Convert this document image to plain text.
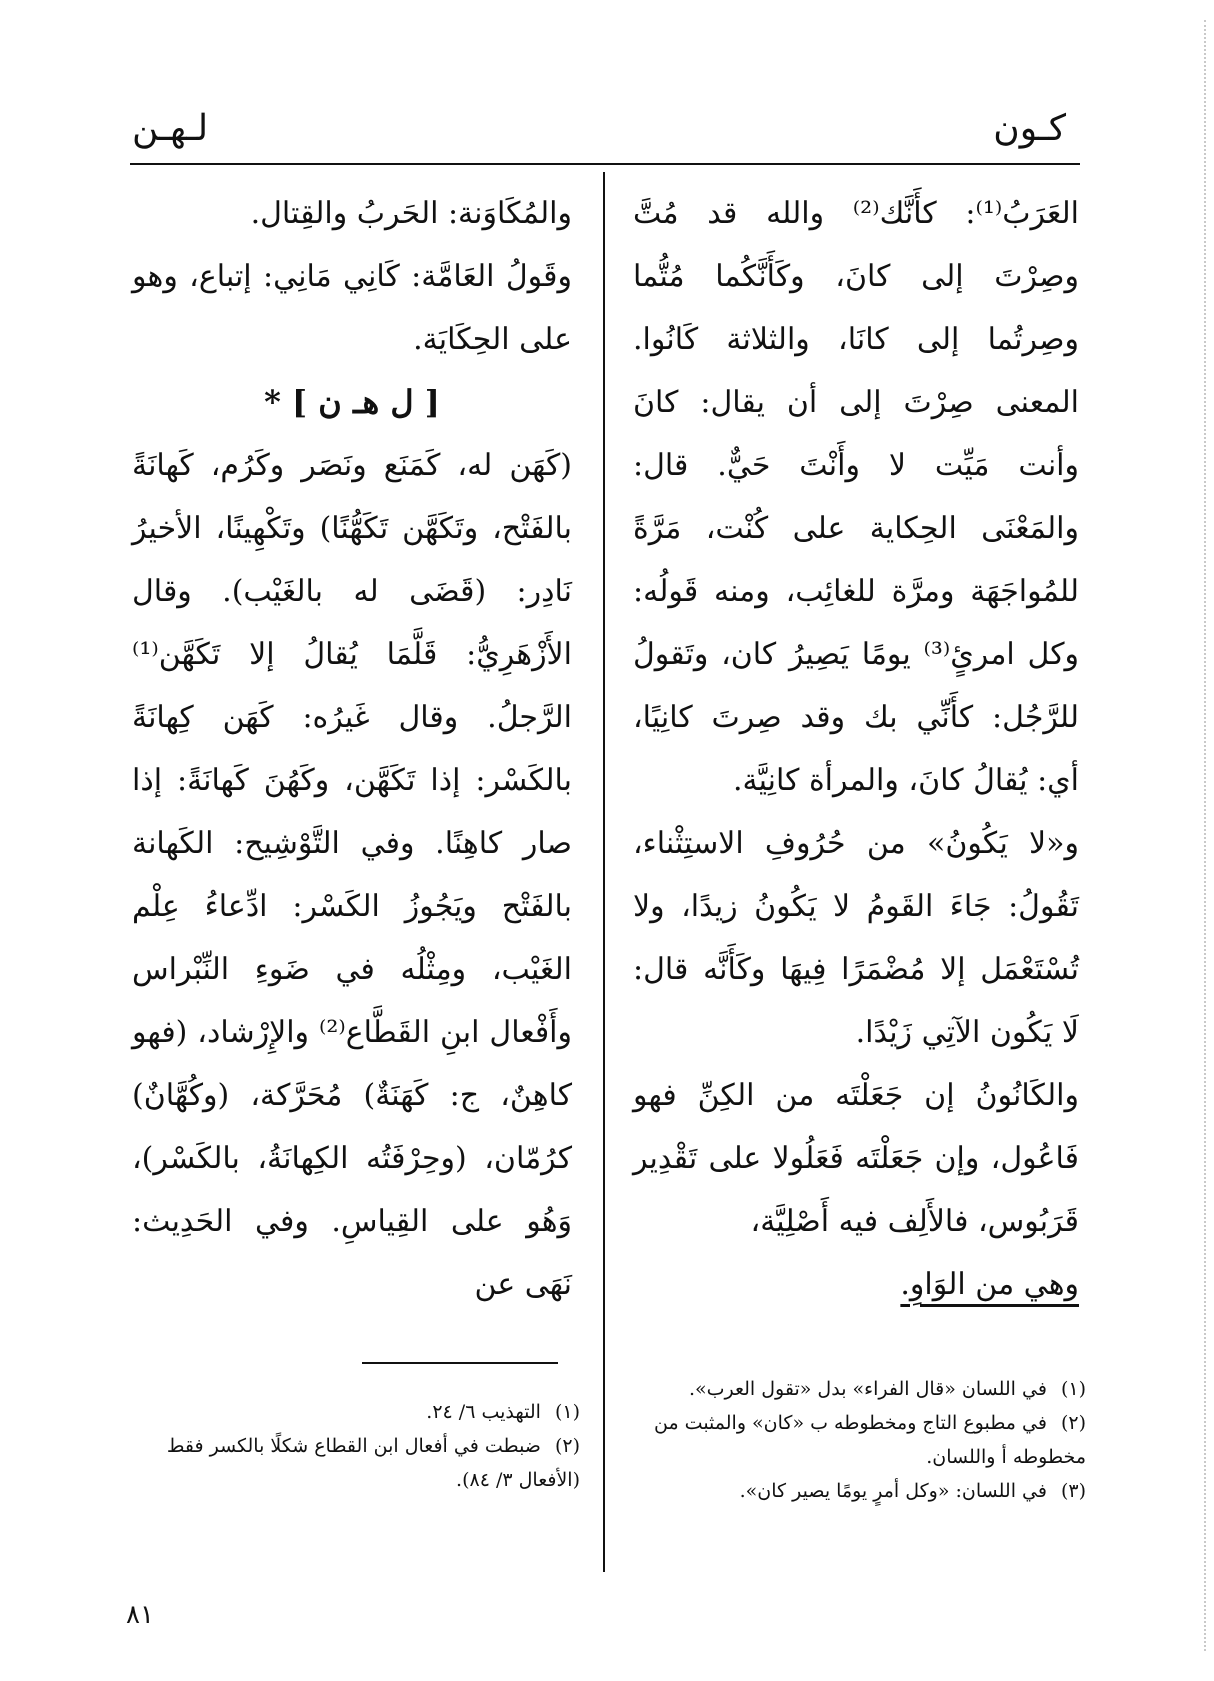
كـون
لـهـن

العَرَبُ⁽¹⁾: كأَنَّك⁽²⁾ والله قد مُتَّ وصِرْتَ إلى كانَ، وكَأَنَّكُما مُتُّما وصِرتُما إلى كانَا، والثلاثة كَانُوا. المعنى صِرْتَ إلى أن يقال: كانَ وأنت مَيِّت لا وأَنْتَ حَيٌّ. قال: والمَعْنَى الحِكاية على كُنْت، مَرَّةً للمُواجَهَة ومرَّة للغائِب، ومنه قَولُه: وكل امرئٍ⁽³⁾ يومًا يَصِيرُ كان، وتَقولُ للرَّجُل: كأَنِّي بك وقد صِرتَ كانِيًا، أي: يُقالُ كانَ، والمرأة كانِيَّة.

و«لا يَكُونُ» من حُرُوفِ الاستِثْناء، تَقُولُ: جَاءَ القَومُ لا يَكُونُ زيدًا، ولا تُسْتَعْمَل إلا مُضْمَرًا فِيهَا وكَأَنَّه قال: لَا يَكُون الآتِي زَيْدًا.

والكَانُونُ إن جَعَلْتَه من الكِنِّ فهو فَاعُول، وإن جَعَلْتَه فَعَلُولا على تَقْدِير قَرَبُوس، فالأَلِف فيه أَصْلِيَّة،

وهي من الوَاوِ.

والمُكَاوَنة: الحَربُ والقِتال.

وقَولُ العَامَّة: كَانِي مَانِي: إتباع، وهو على الحِكَايَة.

[ ل هـ ن ] *

(كَهَن له، كَمَنَع ونَصَر وكَرُم، كَهانَةً بالفَتْح، وتَكَهَّن تَكَهُّنًا) وتَكْهِينًا، الأخيرُ نَادِر: (قَضَى له بالغَيْب). وقال الأَزْهَرِيُّ: قَلَّمَا يُقالُ إلا تَكَهَّن⁽¹⁾ الرَّجلُ. وقال غَيرُه: كَهَن كِهانَةً بالكَسْر: إذا تَكَهَّن، وكَهُنَ كَهانَةً: إذا صار كاهِنًا. وفي التَّوْشِيح: الكَهانة بالفَتْح ويَجُوزُ الكَسْر: ادِّعاءُ عِلْم الغَيْب، ومِثْلُه في ضَوءِ النِّبْراس وأَفْعال ابنِ القَطَّاع⁽²⁾ والإِرْشاد، (فهو كاهِنٌ، ج: كَهَنَةٌ) مُحَرَّكة، (وكُهَّانٌ) كرُمّان، (وحِرْفَتُه الكِهانَةُ، بالكَسْر)، وَهُو على القِياسِ. وفي الحَدِيث: نَهَى عن

(١)في اللسان «قال الفراء» بدل «تقول العرب».

(٢)في مطبوع التاج ومخطوطه ب «كان» والمثبت من مخطوطه أ واللسان.

(٣)في اللسان: «وكل أمرٍ يومًا يصير كان».

(١)التهذيب ٦/ ٢٤.

(٢)ضبطت في أفعال ابن القطاع شكلًا بالكسر فقط (الأفعال ٣/ ٨٤).

٨١
